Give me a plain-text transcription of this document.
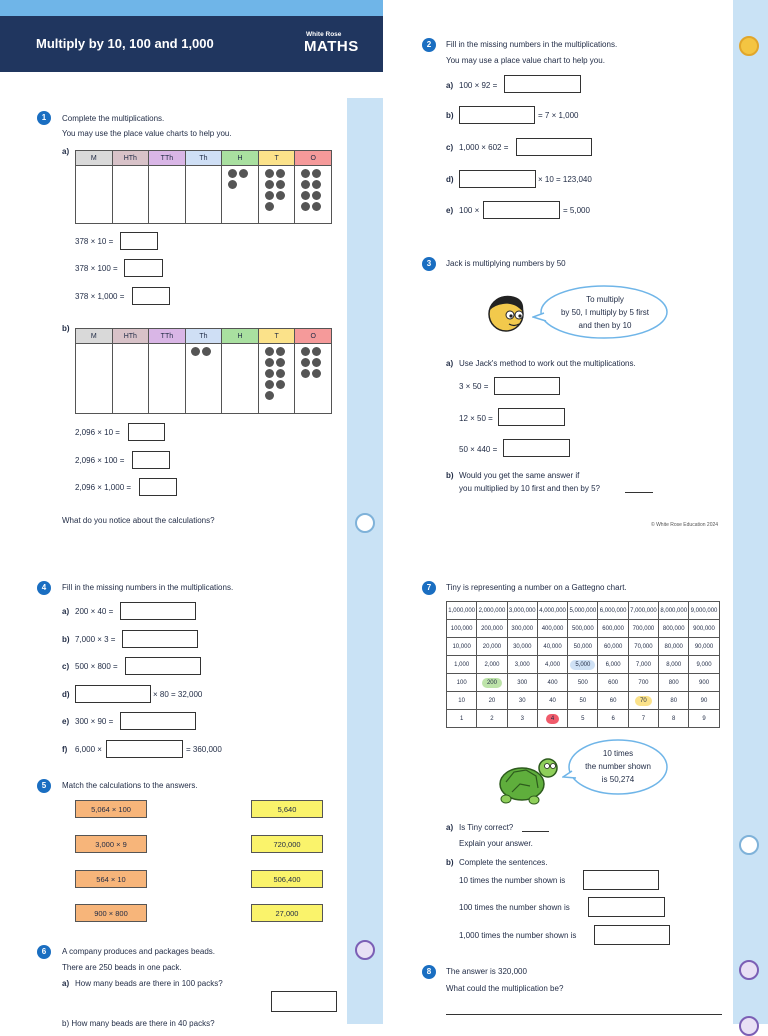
Multiply by 10, 100 and 1,000
White Rose
MATHS
1	Complete the multiplications.
You may use the place value charts to help you.
a)
M	HTh	TTh	Th	H	T	O

378 × 10 =
378 × 100 =
378 × 1,000 =
b)
M	HTh	TTh	Th	H	T	O

2,096 × 10 =
2,096 × 100 =
2,096 × 1,000 =
What do you notice about the calculations?
2	Fill in the missing numbers in the multiplications.
You may use a place value chart to help you.
a) 100 × 92 =
b)	= 7 × 1,000
c) 1,000 × 602 =
d)	× 10 = 123,040
e) 100 ×	= 5,000
3	Jack is multiplying numbers by 50
To multiply
by 50, I multiply by 5 first
and then by 10
a) Use Jack's method to work out the multiplications.
3 × 50 =
12 × 50 =
50 × 440 =
b) Would you get the same answer if
you multiplied by 10 first and then by 5?
© White Rose Education 2024
4	Fill in the missing numbers in the multiplications.
a) 200 × 40 =
b) 7,000 × 3 =
c) 500 × 800 =
d)	× 80 = 32,000
e) 300 × 90 =
f) 6,000 ×	= 360,000
5	Match the calculations to the answers.
5,064 × 100
3,000 × 9
564 × 10
900 × 800
5,640
720,000
506,400
27,000
6	A company produces and packages beads.
There are 250 beads in one pack.
a) How many beads are there in 100 packs?
b) How many beads are there in 40 packs?
7	Tiny is representing a number on a Gattegno chart.
1,000,000	2,000,000	3,000,000	4,000,000	5,000,000	6,000,000	7,000,000	8,000,000	9,000,000
100,000	200,000	300,000	400,000	500,000	600,000	700,000	800,000	900,000
10,000	20,000	30,000	40,000	50,000	60,000	70,000	80,000	90,000
1,000	2,000	3,000	4,000	5,000	6,000	7,000	8,000	9,000
100	200	300	400	500	600	700	800	900
10	20	30	40	50	60	70	80	90
1	2	3	4	5	6	7	8	9
10 times
the number shown
is 50,274
a) Is Tiny correct?
Explain your answer.
b) Complete the sentences.
10 times the number shown is
100 times the number shown is
1,000 times the number shown is
8	The answer is 320,000
What could the multiplication be?
